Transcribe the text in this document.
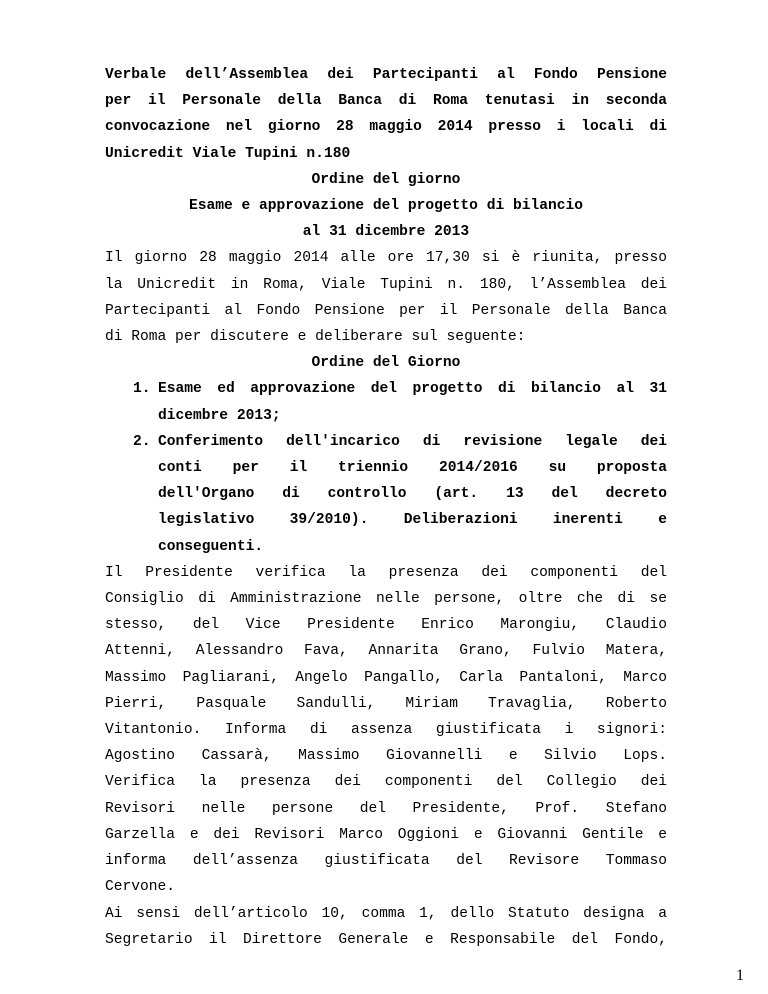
Verbale dell’Assemblea dei Partecipanti al Fondo Pensione
per il Personale della Banca di Roma tenutasi in seconda
convocazione nel giorno 28 maggio 2014 presso i locali di
Unicredit Viale Tupini n.180
Ordine del giorno
Esame e approvazione del progetto di bilancio
al 31 dicembre 2013
Il giorno 28 maggio 2014 alle ore 17,30 si è riunita, presso
la Unicredit in Roma, Viale Tupini n. 180, l’Assemblea dei
Partecipanti al Fondo Pensione per il Personale della Banca
di Roma per discutere e deliberare sul seguente:
Ordine del Giorno
1. Esame ed approvazione del progetto di bilancio al 31
dicembre 2013;
2. Conferimento dell'incarico di revisione legale dei
conti per il triennio 2014/2016 su proposta
dell'Organo di controllo (art. 13 del decreto
legislativo 39/2010). Deliberazioni inerenti e
conseguenti.
Il Presidente verifica la presenza dei componenti del
Consiglio di Amministrazione nelle persone, oltre che di se
stesso, del Vice Presidente Enrico Marongiu, Claudio
Attenni, Alessandro Fava, Annarita Grano, Fulvio Matera,
Massimo Pagliarani, Angelo Pangallo, Carla Pantaloni, Marco
Pierri, Pasquale Sandulli, Miriam Travaglia, Roberto
Vitantonio. Informa di assenza giustificata i signori:
Agostino Cassarà, Massimo Giovannelli e Silvio Lops.
Verifica la presenza dei componenti del Collegio dei
Revisori nelle persone del Presidente, Prof. Stefano
Garzella e dei Revisori Marco Oggioni e Giovanni Gentile e
informa dell’assenza giustificata del Revisore Tommaso
Cervone.
Ai sensi dell’articolo 10, comma 1, dello Statuto designa a
Segretario il Direttore Generale e Responsabile del Fondo,
1
